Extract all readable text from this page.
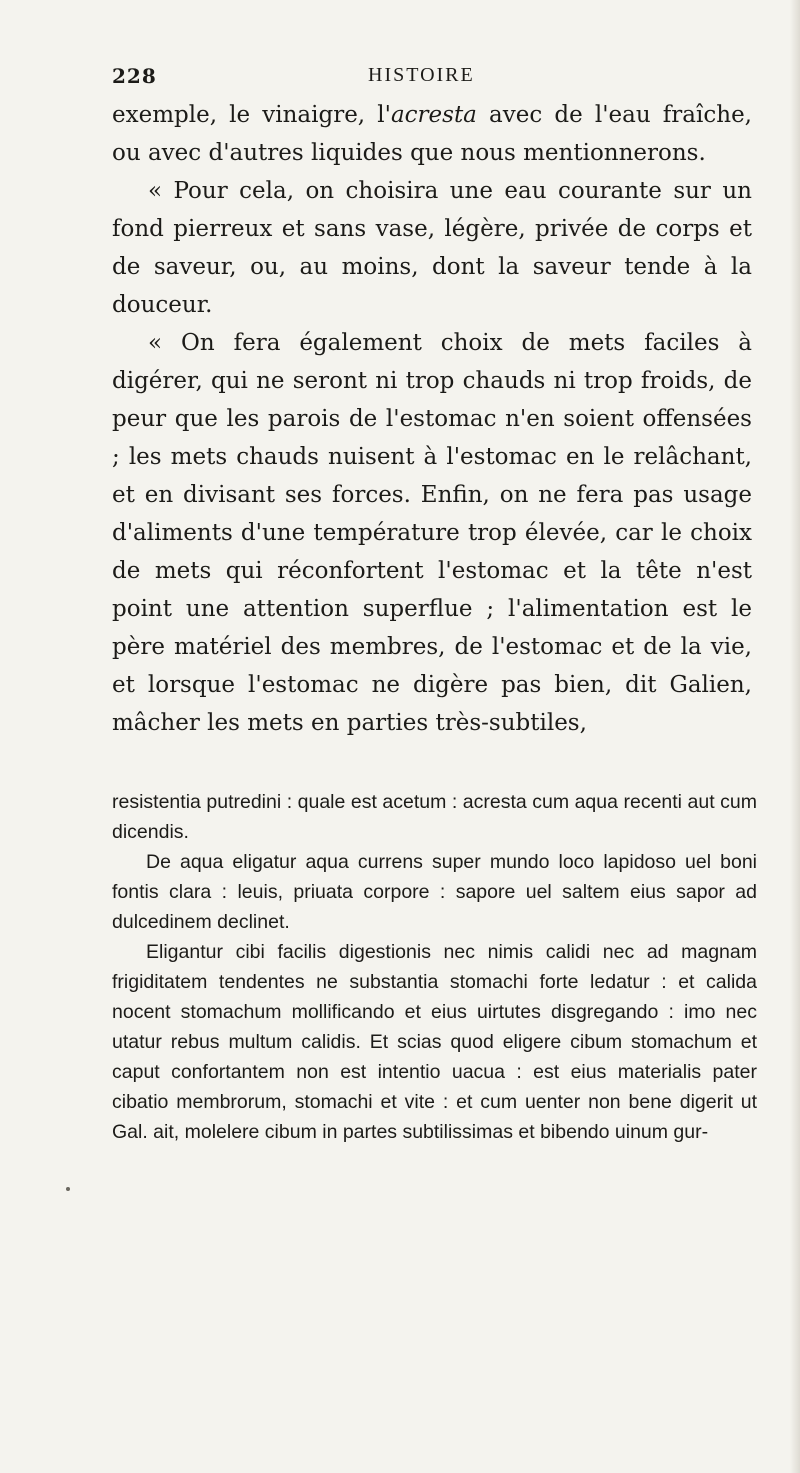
228	HISTOIRE

exemple, le vinaigre, l'acresta avec de l'eau fraîche, ou avec d'autres liquides que nous mentionnerons.

« Pour cela, on choisira une eau courante sur un fond pierreux et sans vase, légère, privée de corps et de saveur, ou, au moins, dont la saveur tende à la douceur.

« On fera également choix de mets faciles à digérer, qui ne seront ni trop chauds ni trop froids, de peur que les parois de l'estomac n'en soient offensées ; les mets chauds nuisent à l'estomac en le relâchant, et en divisant ses forces. Enfin, on ne fera pas usage d'aliments d'une température trop élevée, car le choix de mets qui réconfortent l'estomac et la tête n'est point une attention superflue ; l'alimentation est le père matériel des membres, de l'estomac et de la vie, et lorsque l'estomac ne digère pas bien, dit Galien, mâcher les mets en parties très-subtiles,

resistentia putredini : quale est acetum : acresta cum aqua recenti aut cum dicendis.

De aqua eligatur aqua currens super mundo loco lapidoso uel boni fontis clara : leuis, priuata corpore : sapore uel saltem eius sapor ad dulcedinem declinet.

Eligantur cibi facilis digestionis nec nimis calidi nec ad magnam frigiditatem tendentes ne substantia stomachi forte ledatur : et calida nocent stomachum mollificando et eius uirtutes disgregando : imo nec utatur rebus multum calidis. Et scias quod eligere cibum stomachum et caput confortantem non est intentio uacua : est eius materialis pater cibatio membrorum, stomachi et vite : et cum uenter non bene digerit ut Gal. ait, molelere cibum in partes subtilissimas et bibendo uinum gur-
